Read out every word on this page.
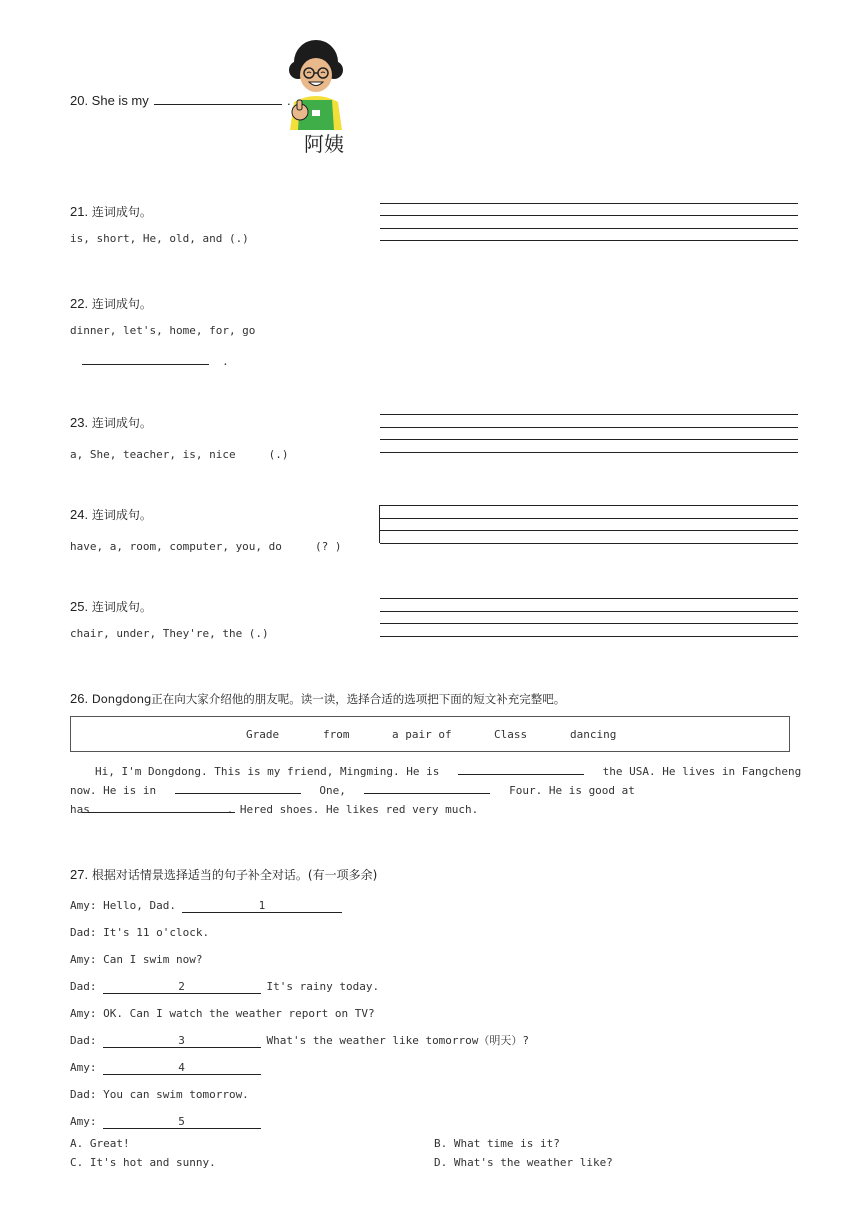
20. She is my	.
阿姨
21. 连词成句。
is, short, He, old, and (.)
22. 连词成句。
dinner, let's, home, for, go
.
23. 连词成句。
a, She, teacher, is, nice	(.)
24. 连词成句。
have, a, room, computer, you, do	(? )
25. 连词成句。
chair, under, They're, the (.)
26. Dongdong正在向大家介绍他的朋友呢。读一读，选择合适的选项把下面的短文补充完整吧。
Grade	from	a pair of	Class	dancing
Hi, I'm Dongdong. This is my friend, Mingming. He is	the USA. He lives in Fangcheng
now. He is in	One,	Four. He is good at  . He
has	red shoes. He likes red very much.
27. 根据对话情景选择适当的句子补全对话。(有一项多余)
Amy: Hello, Dad.	1
Dad: It's 11 o'clock.
Amy: Can I swim now?
Dad:	2	It's rainy today.
Amy: OK. Can I watch the weather report on TV?
Dad:	3	What's the weather like tomorrow（明天）?
Amy:	4
Dad: You can swim tomorrow.
Amy:	5
A. Great!	B. What time is it?
C. It's hot and sunny.	D. What's the weather like?
